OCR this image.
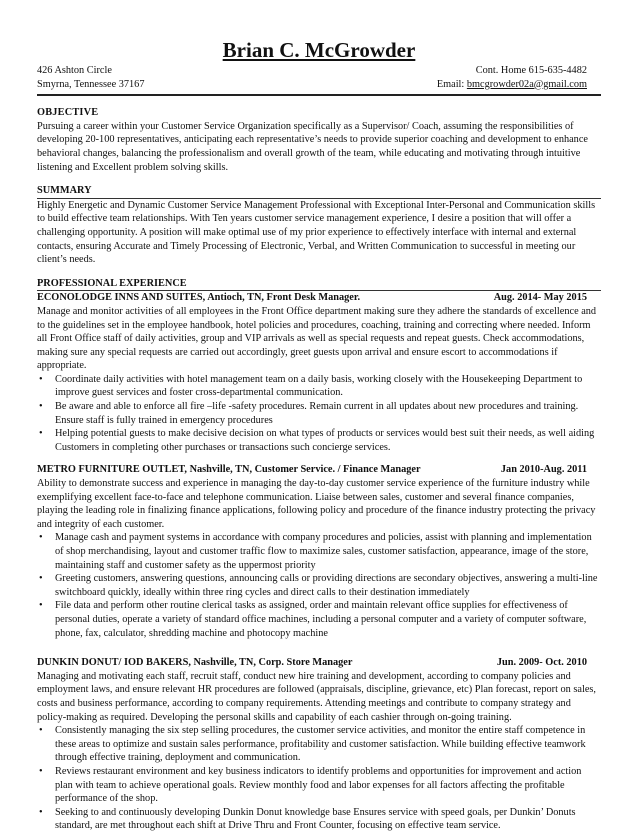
Brian C. McGrowder
426 Ashton Circle	Cont. Home 615-635-4482
Smyrna, Tennessee 37167	Email: bmcgrowder02a@gmail.com
OBJECTIVE

Pursuing a career within your Customer Service Organization specifically as a Supervisor/ Coach, assuming the responsibilities of developing 20-100 representatives, anticipating each representative’s needs to provide superior coaching and development to enhance behavioral changes, balancing the professionalism and overall growth of the team, while educating and motivating through intuitive listening and Excellent problem solving skills.

SUMMARY

Highly Energetic and Dynamic Customer Service Management Professional with Exceptional Inter-Personal and Communication skills to build effective team relationships. With Ten years customer service management experience, I desire a position that will offer a challenging opportunity. A position will make optimal use of my prior experience to effectively interface with internal and external contacts, ensuring Accurate and Timely Processing of Electronic, Verbal, and Written Communication to successful in meeting our client’s needs.

PROFESSIONAL EXPERIENCE
ECONOLODGE INNS AND SUITES, Antioch, TN, Front Desk Manager.	Aug. 2014- May 2015

Manage and monitor activities of all employees in the Front Office department making sure they adhere the standards of excellence and to the guidelines set in the employee handbook, hotel policies and procedures, coaching, training and correcting where needed. Inform all Front Office staff of daily activities, group and VIP arrivals as well as special requests and repeat guests. Check accommodations, making sure any special requests are carried out accordingly, greet guests upon arrival and ensure escort to accommodations if appropriate.

• Coordinate daily activities with hotel management team on a daily basis, working closely with the Housekeeping Department to improve guest services and foster cross-departmental communication.
• Be aware and able to enforce all fire –life -safety procedures. Remain current in all updates about new procedures and training. Ensure staff is fully trained in emergency procedures
• Helping potential guests to make decisive decision on what types of products or services would best suit their needs, as well aiding Customers in completing other purchases or transactions such concierge services.
METRO FURNITURE OUTLET, Nashville, TN, Customer Service. / Finance Manager	Jan 2010-Aug. 2011

Ability to demonstrate success and experience in managing the day-to-day customer service experience of the furniture industry while exemplifying excellent face-to-face and telephone communication. Liaise between sales, customer and several finance companies, playing the leading role in finalizing finance applications, following policy and procedure of the finance industry protecting the privacy and integrity of each customer.

• Manage cash and payment systems in accordance with company procedures and policies, assist with planning and implementation of shop merchandising, layout and customer traffic flow to maximize sales, customer satisfaction, appearance, image of the store, maintaining staff and customer safety as the uppermost priority
• Greeting customers, answering questions, announcing calls or providing directions are secondary objectives, answering a multi-line switchboard quickly, ideally within three ring cycles and direct calls to their destination immediately
• File data and perform other routine clerical tasks as assigned, order and maintain relevant office supplies for effectiveness of personal duties, operate a variety of standard office machines, including a personal computer and a variety of computer software, phone, fax, calculator, shredding machine and photocopy machine
DUNKIN DONUT/ IOD BAKERS, Nashville, TN, Corp. Store Manager	Jun. 2009- Oct. 2010

Managing and motivating each staff, recruit staff, conduct new hire training and development, according to company policies and employment laws, and ensure relevant HR procedures are followed (appraisals, discipline, grievance, etc) Plan forecast, report on sales, costs and business performance, according to company requirements. Attending meetings and contribute to company strategy and policy-making as required. Developing the personal skills and capability of each cashier through on-going training.

• Consistently managing the six step selling procedures, the customer service activities, and monitor the entire staff competence in these areas to optimize and sustain sales performance, profitability and customer satisfaction. While building effective teamwork through effective training, deployment and communication.
• Reviews restaurant environment and key business indicators to identify problems and opportunities for improvement and action plan with team to achieve operational goals. Review monthly food and labor expenses for all factors affecting the profitable performance of the shop.
• Seeking to and continuously developing Dunkin Donut knowledge base Ensures service with speed goals, per Dunkin’ Donuts standard, are met throughout each shift at Drive Thru and Front Counter, focusing on effective team service.
